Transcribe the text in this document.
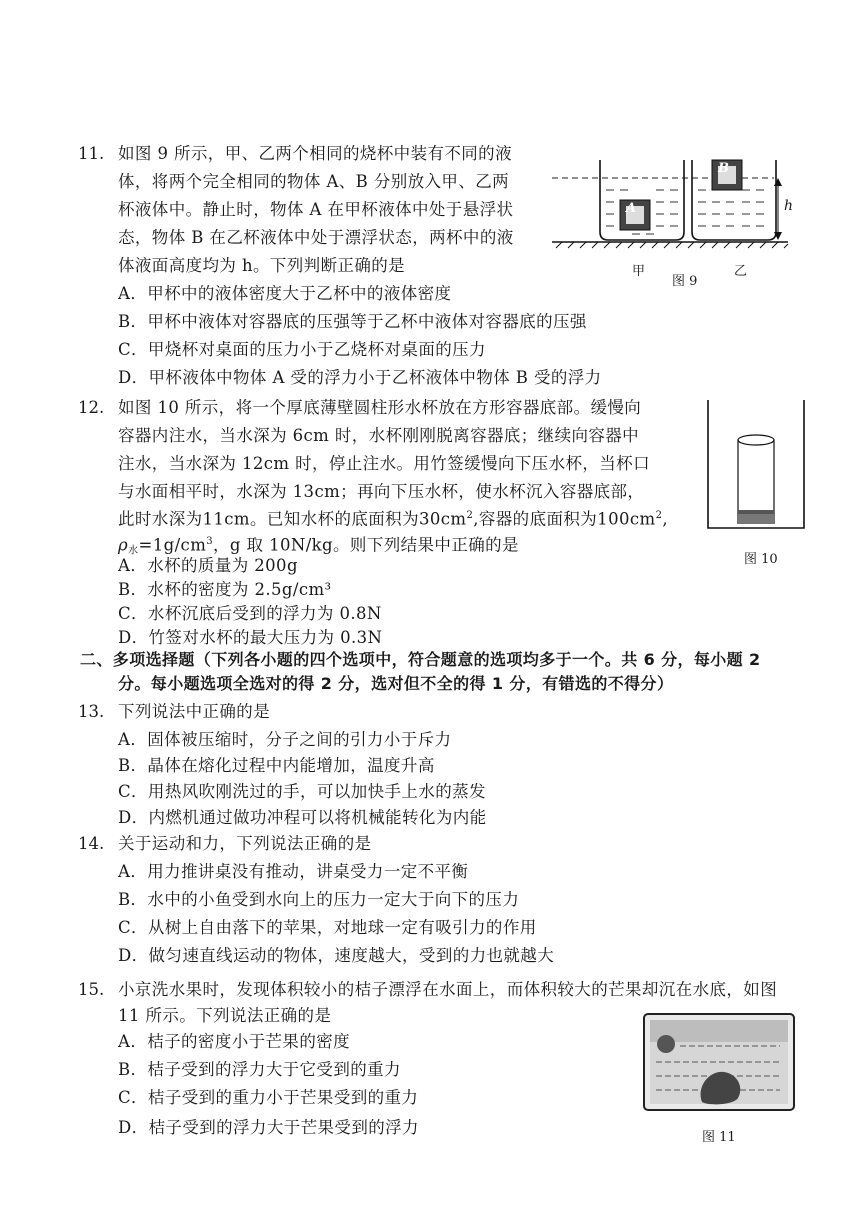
11. 如图 9 所示，甲、乙两个相同的烧杯中装有不同的液
体，将两个完全相同的物体 A、B 分别放入甲、乙两
杯液体中。静止时，物体 A 在甲杯液体中处于悬浮状
态，物体 B 在乙杯液体中处于漂浮状态，两杯中的液
体液面高度均为 h。下列判断正确的是
A．甲杯中的液体密度大于乙杯中的液体密度
B．甲杯中液体对容器底的压强等于乙杯中液体对容器底的压强
C．甲烧杯对桌面的压力小于乙烧杯对桌面的压力
D．甲杯液体中物体 A 受的浮力小于乙杯液体中物体 B 受的浮力
A
B
h
甲	乙
图 9
12. 如图 10 所示，将一个厚底薄壁圆柱形水杯放在方形容器底部。缓慢向
容器内注水，当水深为 6cm 时，水杯刚刚脱离容器底；继续向容器中
注水，当水深为 12cm 时，停止注水。用竹签缓慢向下压水杯，当杯口
与水面相平时，水深为 13cm；再向下压水杯，使水杯沉入容器底部，
此时水深为11cm。已知水杯的底面积为$30cm^2$,容器的底面积为$100cm^2$,
ρ水$=1g/cm^3$，g 取 10N/kg。则下列结果中正确的是
A．水杯的质量为 200g
B．水杯的密度为 2.5g/cm³
C．水杯沉底后受到的浮力为 0.8N
D．竹签对水杯的最大压力为 0.3N
图 10
二、多项选择题（下列各小题的四个选项中，符合题意的选项均多于一个。共 6 分，每小题 2
分。每小题选项全选对的得 2 分，选对但不全的得 1 分，有错选的不得分）
13. 下列说法中正确的是
A．固体被压缩时，分子之间的引力小于斥力
B．晶体在熔化过程中内能增加，温度升高
C．用热风吹刚洗过的手，可以加快手上水的蒸发
D．内燃机通过做功冲程可以将机械能转化为内能
14. 关于运动和力，下列说法正确的是
A．用力推讲桌没有推动，讲桌受力一定不平衡
B．水中的小鱼受到水向上的压力一定大于向下的压力
C．从树上自由落下的苹果，对地球一定有吸引力的作用
D．做匀速直线运动的物体，速度越大，受到的力也就越大
15. 小京洗水果时，发现体积较小的桔子漂浮在水面上，而体积较大的芒果却沉在水底，如图
11 所示。下列说法正确的是
A．桔子的密度小于芒果的密度
B．桔子受到的浮力大于它受到的重力
C．桔子受到的重力小于芒果受到的重力
D．桔子受到的浮力大于芒果受到的浮力
图 11
